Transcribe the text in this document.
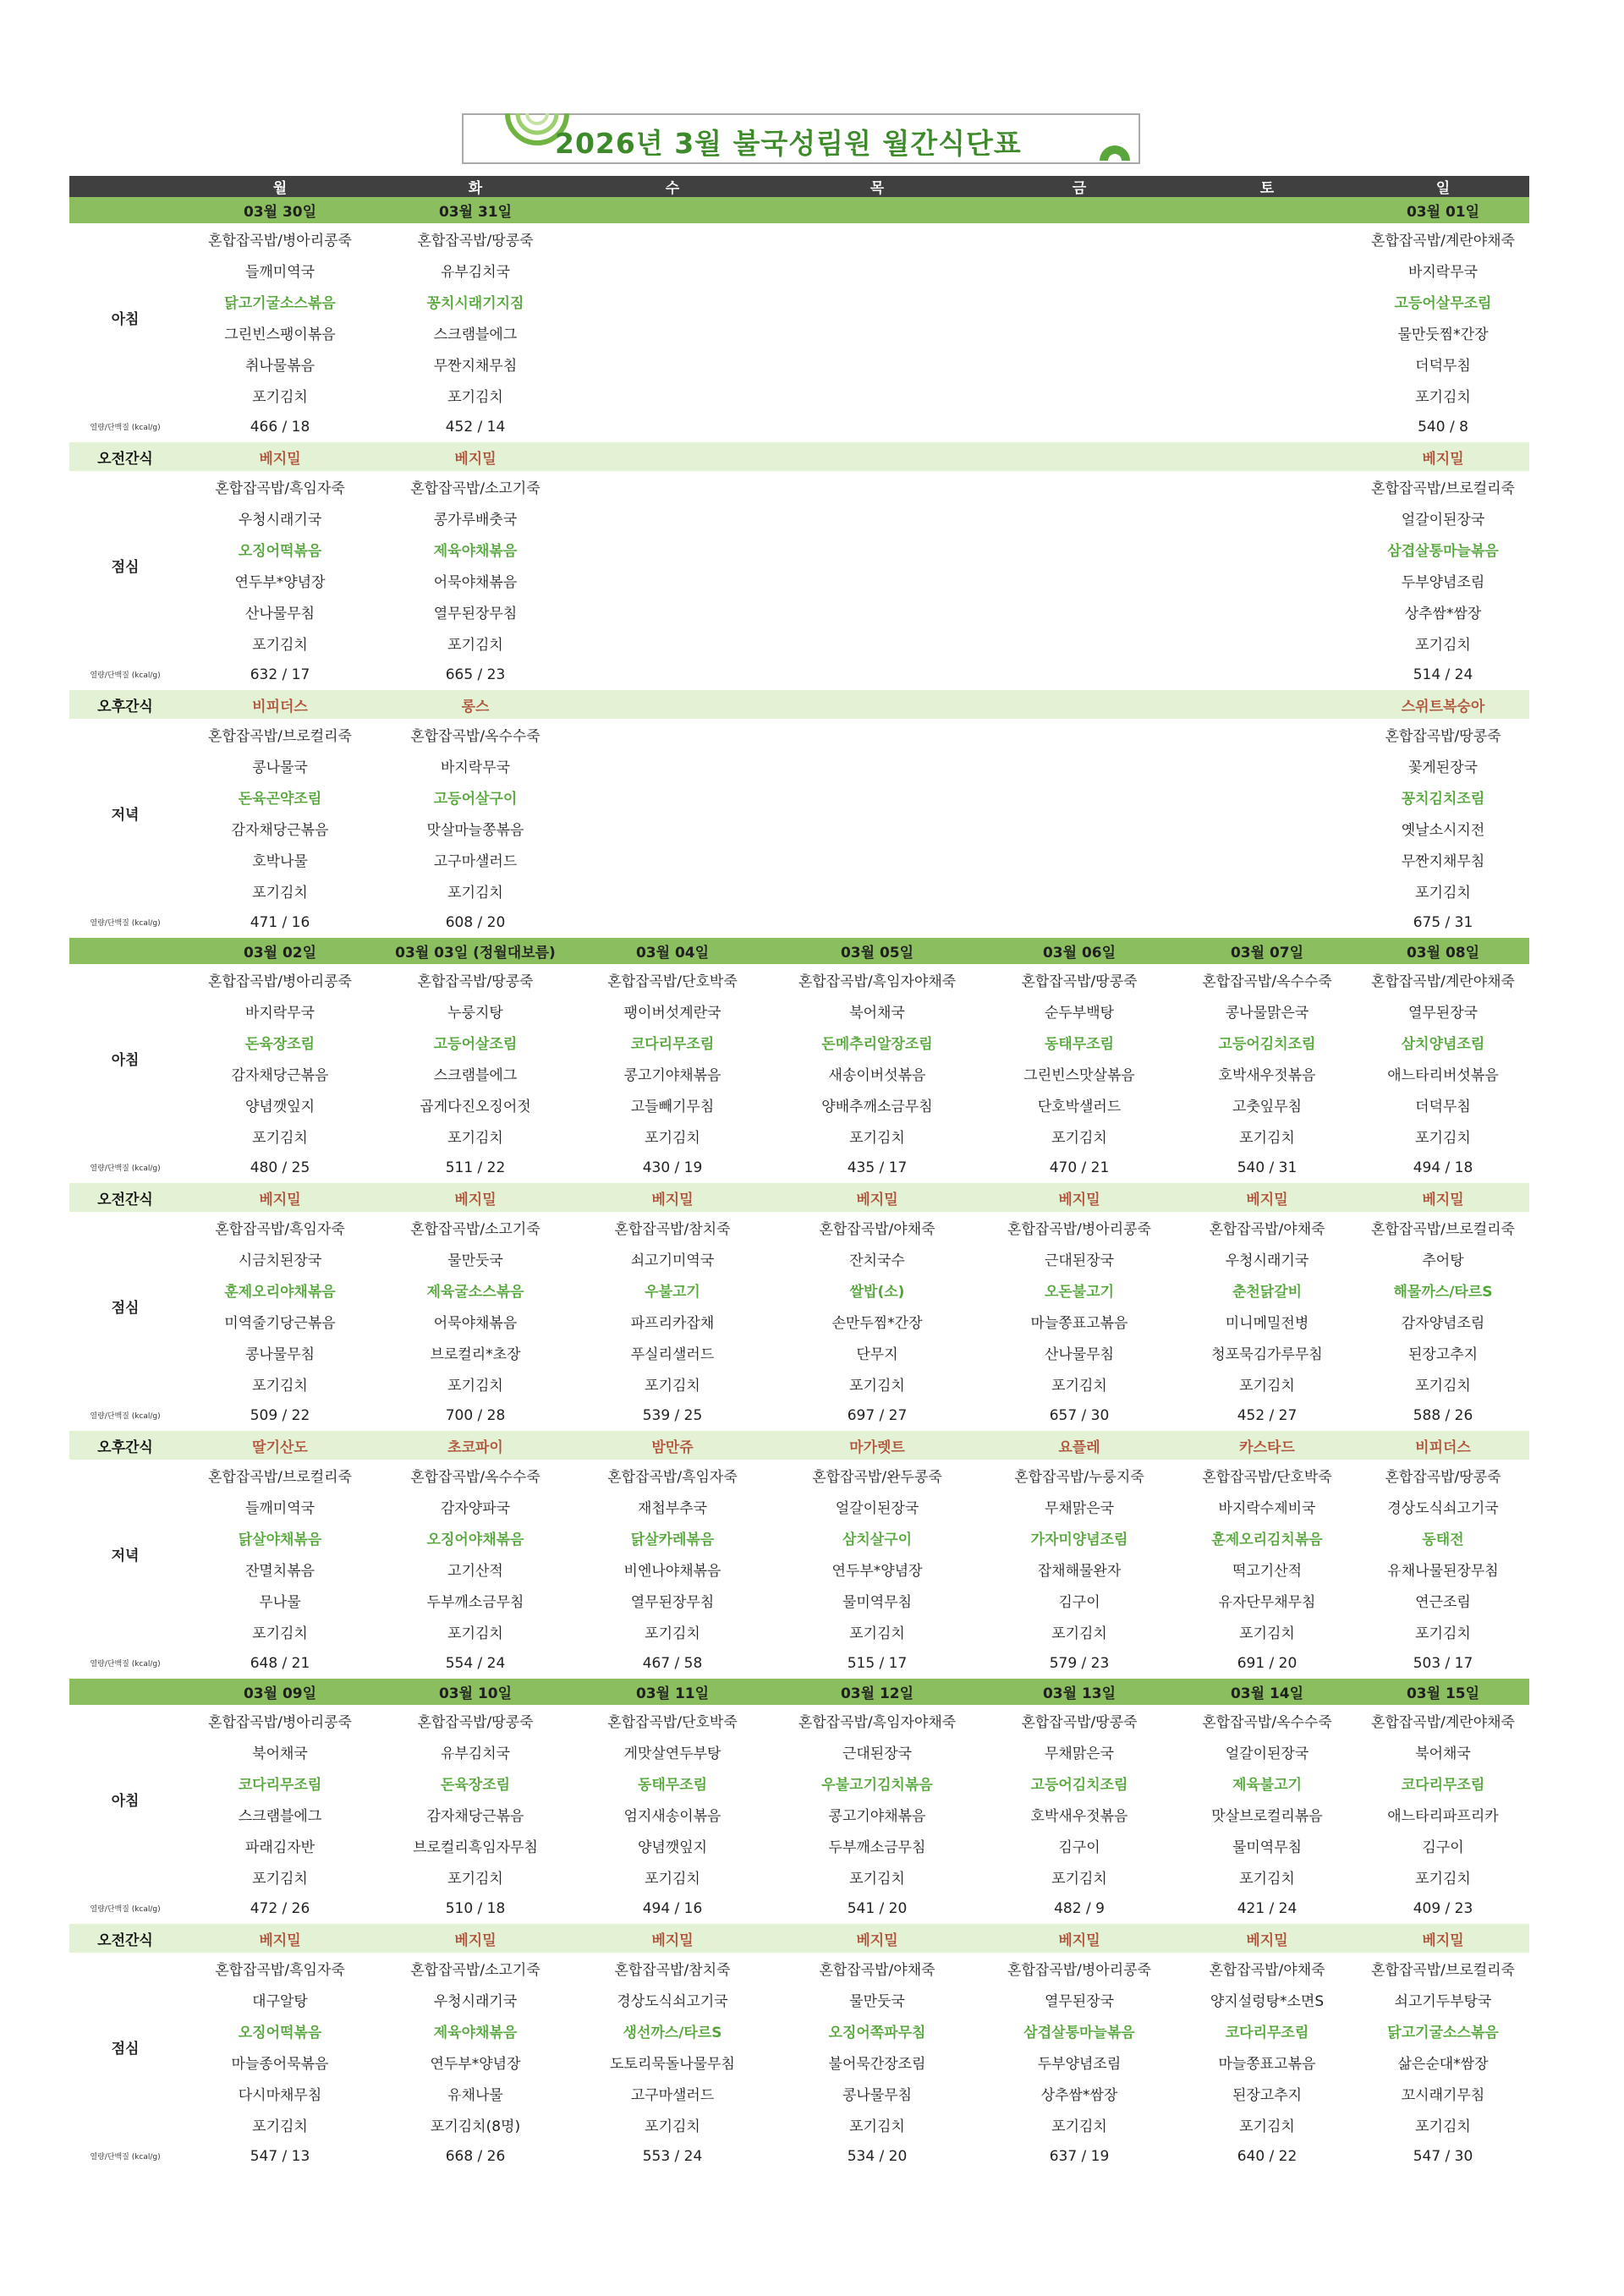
2026년 3월 불국성림원 월간식단표
	월	화	수	목	금	토	일
	03월 30일	03월 31일					03월 01일
아침	혼합잡곡밥/병아리콩죽	혼합잡곡밥/땅콩죽					혼합잡곡밥/계란야채죽
	들깨미역국	유부김치국					바지락무국
	닭고기굴소스볶음	꽁치시래기지짐					고등어살무조림
	그린빈스팽이볶음	스크램블에그					물만둣찜*간장
	취나물볶음	무짠지채무침					더덕무침
	포기김치	포기김치					포기김치
열량/단백질 (kcal/g)	466 / 18	452 / 14					540 / 8
오전간식	베지밀	베지밀					베지밀
점심	혼합잡곡밥/흑임자죽	혼합잡곡밥/소고기죽					혼합잡곡밥/브로컬리죽
	우청시래기국	콩가루배춧국					얼갈이된장국
	오징어떡볶음	제육야채볶음					삼겹살통마늘볶음
	연두부*양념장	어묵야채볶음					두부양념조림
	산나물무침	열무된장무침					상추쌈*쌈장
	포기김치	포기김치					포기김치
열량/단백질 (kcal/g)	632 / 17	665 / 23					514 / 24
오후간식	비피더스	롱스					스위트복숭아
저녁	혼합잡곡밥/브로컬리죽	혼합잡곡밥/옥수수죽					혼합잡곡밥/땅콩죽
	콩나물국	바지락무국					꽃게된장국
	돈육곤약조림	고등어살구이					꽁치김치조림
	감자채당근볶음	맛살마늘쫑볶음					옛날소시지전
	호박나물	고구마샐러드					무짠지채무침
	포기김치	포기김치					포기김치
열량/단백질 (kcal/g)	471 / 16	608 / 20					675 / 31
	03월 02일	03월 03일 (정월대보름)	03월 04일	03월 05일	03월 06일	03월 07일	03월 08일
아침	혼합잡곡밥/병아리콩죽	혼합잡곡밥/땅콩죽	혼합잡곡밥/단호박죽	혼합잡곡밥/흑임자야채죽	혼합잡곡밥/땅콩죽	혼합잡곡밥/옥수수죽	혼합잡곡밥/계란야채죽
	바지락무국	누룽지탕	팽이버섯계란국	북어채국	순두부백탕	콩나물맑은국	열무된장국
	돈육장조림	고등어살조림	코다리무조림	돈메추리알장조림	동태무조림	고등어김치조림	삼치양념조림
	감자채당근볶음	스크램블에그	콩고기야채볶음	새송이버섯볶음	그린빈스맛살볶음	호박새우젓볶음	애느타리버섯볶음
	양념깻잎지	곱게다진오징어젓	고들빼기무침	양배추깨소금무침	단호박샐러드	고춧잎무침	더덕무침
	포기김치	포기김치	포기김치	포기김치	포기김치	포기김치	포기김치
열량/단백질 (kcal/g)	480 / 25	511 / 22	430 / 19	435 / 17	470 / 21	540 / 31	494 / 18
오전간식	베지밀	베지밀	베지밀	베지밀	베지밀	베지밀	베지밀
점심	혼합잡곡밥/흑임자죽	혼합잡곡밥/소고기죽	혼합잡곡밥/참치죽	혼합잡곡밥/야채죽	혼합잡곡밥/병아리콩죽	혼합잡곡밥/야채죽	혼합잡곡밥/브로컬리죽
	시금치된장국	물만둣국	쇠고기미역국	잔치국수	근대된장국	우청시래기국	추어탕
	훈제오리야채볶음	제육굴소스볶음	우불고기	쌀밥(소)	오돈불고기	춘천닭갈비	해물까스/타르S
	미역줄기당근볶음	어묵야채볶음	파프리카잡채	손만두찜*간장	마늘쫑표고볶음	미니메밀전병	감자양념조림
	콩나물무침	브로컬리*초장	푸실리샐러드	단무지	산나물무침	청포묵김가루무침	된장고추지
	포기김치	포기김치	포기김치	포기김치	포기김치	포기김치	포기김치
열량/단백질 (kcal/g)	509 / 22	700 / 28	539 / 25	697 / 27	657 / 30	452 / 27	588 / 26
오후간식	딸기산도	초코파이	밤만쥬	마가렛트	요플레	카스타드	비피더스
저녁	혼합잡곡밥/브로컬리죽	혼합잡곡밥/옥수수죽	혼합잡곡밥/흑임자죽	혼합잡곡밥/완두콩죽	혼합잡곡밥/누룽지죽	혼합잡곡밥/단호박죽	혼합잡곡밥/땅콩죽
	들깨미역국	감자양파국	재첩부추국	얼갈이된장국	무채맑은국	바지락수제비국	경상도식쇠고기국
	닭살야채볶음	오징어야채볶음	닭살카레볶음	삼치살구이	가자미양념조림	훈제오리김치볶음	동태전
	잔멸치볶음	고기산적	비엔나야채볶음	연두부*양념장	잡채해물완자	떡고기산적	유채나물된장무침
	무나물	두부깨소금무침	열무된장무침	물미역무침	김구이	유자단무채무침	연근조림
	포기김치	포기김치	포기김치	포기김치	포기김치	포기김치	포기김치
열량/단백질 (kcal/g)	648 / 21	554 / 24	467 / 58	515 / 17	579 / 23	691 / 20	503 / 17
	03월 09일	03월 10일	03월 11일	03월 12일	03월 13일	03월 14일	03월 15일
아침	혼합잡곡밥/병아리콩죽	혼합잡곡밥/땅콩죽	혼합잡곡밥/단호박죽	혼합잡곡밥/흑임자야채죽	혼합잡곡밥/땅콩죽	혼합잡곡밥/옥수수죽	혼합잡곡밥/계란야채죽
	북어채국	유부김치국	게맛살연두부탕	근대된장국	무채맑은국	얼갈이된장국	북어채국
	코다리무조림	돈육장조림	동태무조림	우불고기김치볶음	고등어김치조림	제육불고기	코다리무조림
	스크램블에그	감자채당근볶음	엄지새송이볶음	콩고기야채볶음	호박새우젓볶음	맛살브로컬리볶음	애느타리파프리카
	파래김자반	브로컬리흑임자무침	양념깻잎지	두부깨소금무침	김구이	물미역무침	김구이
	포기김치	포기김치	포기김치	포기김치	포기김치	포기김치	포기김치
열량/단백질 (kcal/g)	472 / 26	510 / 18	494 / 16	541 / 20	482 / 9	421 / 24	409 / 23
오전간식	베지밀	베지밀	베지밀	베지밀	베지밀	베지밀	베지밀
점심	혼합잡곡밥/흑임자죽	혼합잡곡밥/소고기죽	혼합잡곡밥/참치죽	혼합잡곡밥/야채죽	혼합잡곡밥/병아리콩죽	혼합잡곡밥/야채죽	혼합잡곡밥/브로컬리죽
	대구알탕	우청시래기국	경상도식쇠고기국	물만둣국	열무된장국	양지설렁탕*소면S	쇠고기두부탕국
	오징어떡볶음	제육야채볶음	생선까스/타르S	오징어쪽파무침	삼겹살통마늘볶음	코다리무조림	닭고기굴소스볶음
	마늘종어묵볶음	연두부*양념장	도토리묵돌나물무침	불어묵간장조림	두부양념조림	마늘쫑표고볶음	삶은순대*쌈장
	다시마채무침	유채나물	고구마샐러드	콩나물무침	상추쌈*쌈장	된장고추지	꼬시래기무침
	포기김치	포기김치(8명)	포기김치	포기김치	포기김치	포기김치	포기김치
열량/단백질 (kcal/g)	547 / 13	668 / 26	553 / 24	534 / 20	637 / 19	640 / 22	547 / 30
